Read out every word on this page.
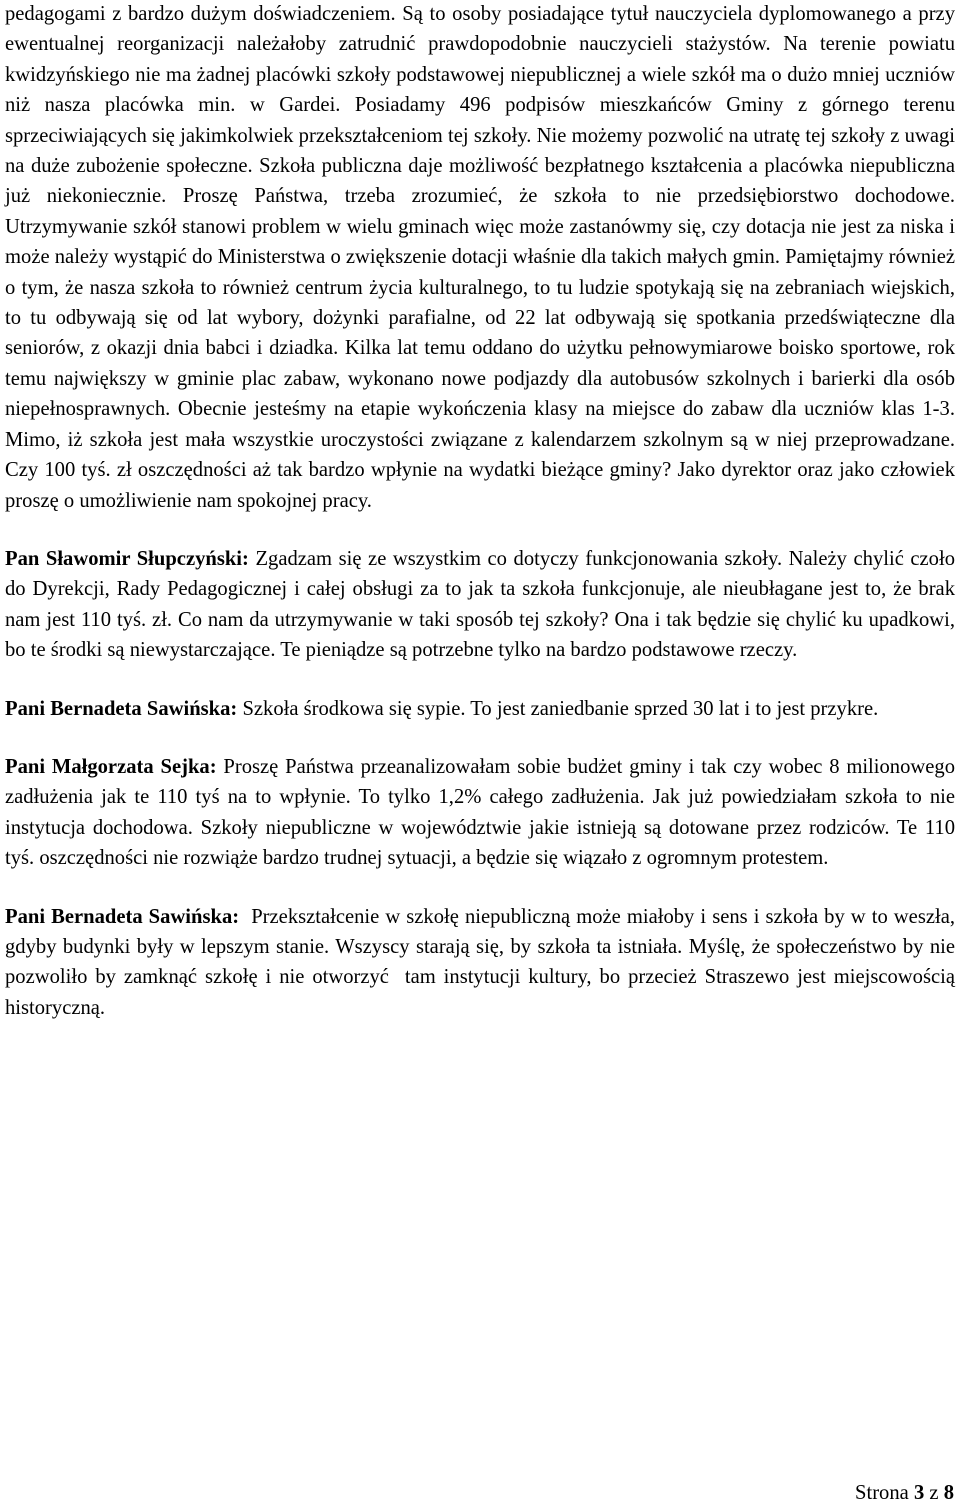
pedagogami z bardzo dużym doświadczeniem. Są to osoby posiadające tytuł nauczyciela dyplomowanego a przy ewentualnej reorganizacji należałoby zatrudnić prawdopodobnie nauczycieli stażystów. Na terenie powiatu kwidzyńskiego nie ma żadnej placówki szkoły podstawowej niepublicznej a wiele szkół ma o dużo mniej uczniów niż nasza placówka min. w Gardei. Posiadamy 496 podpisów mieszkańców Gminy z górnego terenu sprzeciwiających się jakimkolwiek przekształceniom tej szkoły. Nie możemy pozwolić na utratę tej szkoły z uwagi na duże zubożenie społeczne. Szkoła publiczna daje możliwość bezpłatnego kształcenia a placówka niepubliczna już niekoniecznie. Proszę Państwa, trzeba zrozumieć, że szkoła to nie przedsiębiorstwo dochodowe. Utrzymywanie szkół stanowi problem w wielu gminach więc może zastanówmy się, czy dotacja nie jest za niska i może należy wystąpić do Ministerstwa o zwiększenie dotacji właśnie dla takich małych gmin. Pamiętajmy również o tym, że nasza szkoła to również centrum życia kulturalnego, to tu ludzie spotykają się na zebraniach wiejskich, to tu odbywają się od lat wybory, dożynki parafialne, od 22 lat odbywają się spotkania przedświąteczne dla seniorów, z okazji dnia babci i dziadka. Kilka lat temu oddano do użytku pełnowymiarowe boisko sportowe, rok temu największy w gminie plac zabaw, wykonano nowe podjazdy dla autobusów szkolnych i barierki dla osób niepełnosprawnych. Obecnie jesteśmy na etapie wykończenia klasy na miejsce do zabaw dla uczniów klas 1-3. Mimo, iż szkoła jest mała wszystkie uroczystości związane z kalendarzem szkolnym są w niej przeprowadzane. Czy 100 tyś. zł oszczędności aż tak bardzo wpłynie na wydatki bieżące gminy? Jako dyrektor oraz jako człowiek proszę o umożliwienie nam spokojnej pracy.

Pan Sławomir Słupczyński: Zgadzam się ze wszystkim co dotyczy funkcjonowania szkoły. Należy chylić czoło do Dyrekcji, Rady Pedagogicznej i całej obsługi za to jak ta szkoła funkcjonuje, ale nieubłagane jest to, że brak nam jest 110 tyś. zł. Co nam da utrzymywanie w taki sposób tej szkoły? Ona i tak będzie się chylić ku upadkowi, bo te środki są niewystarczające. Te pieniądze są potrzebne tylko na bardzo podstawowe rzeczy.

Pani Bernadeta Sawińska: Szkoła środkowa się sypie. To jest zaniedbanie sprzed 30 lat i to jest przykre.

Pani Małgorzata Sejka: Proszę Państwa przeanalizowałam sobie budżet gminy i tak czy wobec 8 milionowego zadłużenia jak te 110 tyś na to wpłynie. To tylko 1,2% całego zadłużenia. Jak już powiedziałam szkoła to nie instytucja dochodowa. Szkoły niepubliczne w województwie jakie istnieją są dotowane przez rodziców. Te 110 tyś. oszczędności nie rozwiąże bardzo trudnej sytuacji, a będzie się wiązało z ogromnym protestem.

Pani Bernadeta Sawińska:  Przekształcenie w szkołę niepubliczną może miałoby i sens i szkoła by w to weszła, gdyby budynki były w lepszym stanie. Wszyscy starają się, by szkoła ta istniała. Myślę, że społeczeństwo by nie pozwoliło by zamknąć szkołę i nie otworzyć  tam instytucji kultury, bo przecież Straszewo jest miejscowością historyczną.

Strona 3 z 8
